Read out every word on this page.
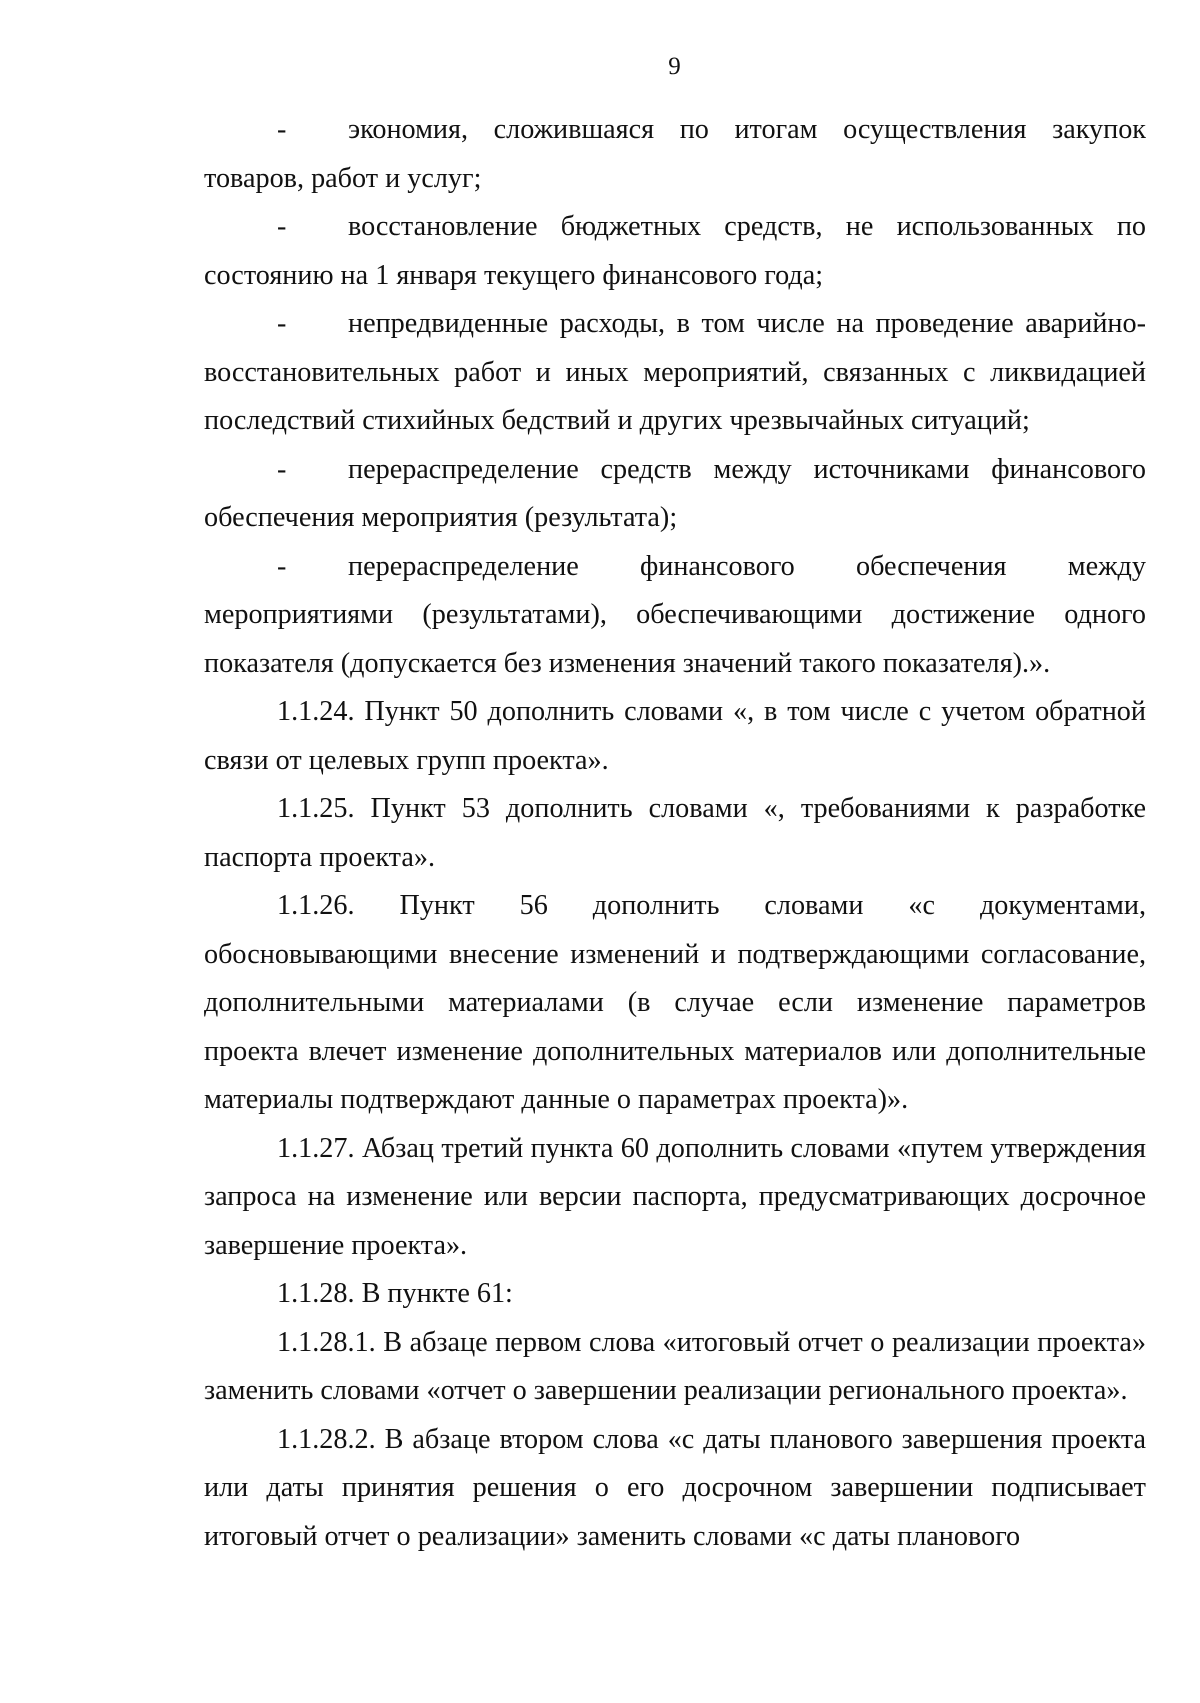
9

- экономия, сложившаяся по итогам осуществления закупок товаров, работ и услуг;

- восстановление бюджетных средств, не использованных по состоянию на 1 января текущего финансового года;

- непредвиденные расходы, в том числе на проведение аварийно-восстановительных работ и иных мероприятий, связанных с ликвидацией последствий стихийных бедствий и других чрезвычайных ситуаций;

- перераспределение средств между источниками финансового обеспечения мероприятия (результата);

- перераспределение финансового обеспечения между мероприятиями (результатами), обеспечивающими достижение одного показателя (допускается без изменения значений такого показателя).».

1.1.24. Пункт 50 дополнить словами «, в том числе с учетом обратной связи от целевых групп проекта».

1.1.25. Пункт 53 дополнить словами «, требованиями к разработке паспорта проекта».

1.1.26. Пункт 56 дополнить словами «с документами, обосновывающими внесение изменений и подтверждающими согласование, дополнительными материалами (в случае если изменение параметров проекта влечет изменение дополнительных материалов или дополнительные материалы подтверждают данные о параметрах проекта)».

1.1.27. Абзац третий пункта 60 дополнить словами «путем утверждения запроса на изменение или версии паспорта, предусматривающих досрочное завершение проекта».

1.1.28. В пункте 61:

1.1.28.1. В абзаце первом слова «итоговый отчет о реализации проекта» заменить словами «отчет о завершении реализации регионального проекта».

1.1.28.2. В абзаце втором слова «с даты планового завершения проекта или даты принятия решения о его досрочном завершении подписывает итоговый отчет о реализации» заменить словами «с даты планового
